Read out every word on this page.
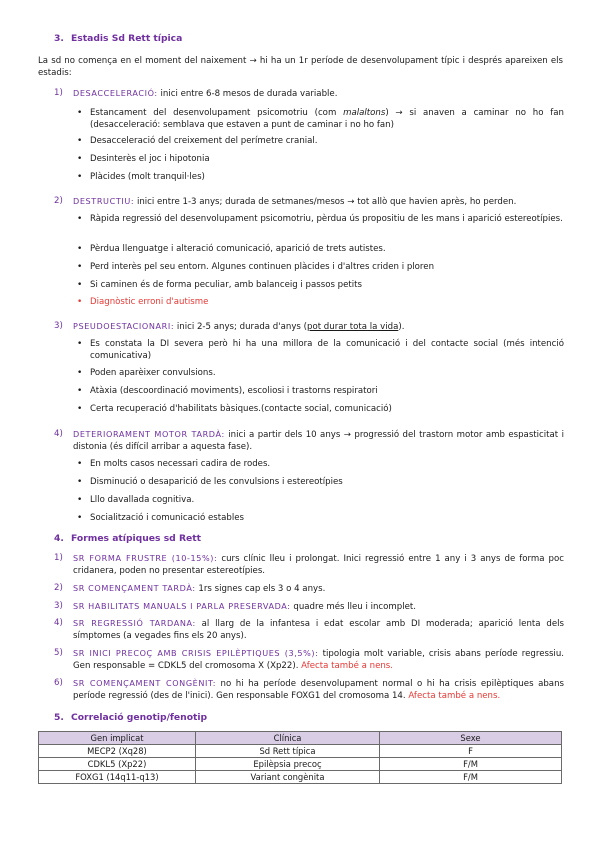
3. Estadis Sd Rett típica
La sd no comença en el moment del naixement → hi ha un 1r període de desenvolupament típic i després apareixen els estadis:
1) DESACCELERACIÓ: inici entre 6-8 mesos de durada variable.
• Estancament del desenvolupament psicomotriu (com malaltons) → si anaven a caminar no ho fan (desacceleració: semblava que estaven a punt de caminar i no ho fan)
• Desacceleració del creixement del perímetre cranial.
• Desinterès el joc i hipotonia
• Plàcides (molt tranquil·les)
2) DESTRUCTIU: inici entre 1-3 anys; durada de setmanes/mesos → tot allò que havien après, ho perden.
• Ràpida regressió del desenvolupament psicomotriu, pèrdua ús propositiu de les mans i aparició estereotípies.
• Pèrdua llenguatge i alteració comunicació, aparició de trets autistes.
• Perd interès pel seu entorn. Algunes continuen plàcides i d'altres criden i ploren
• Si caminen és de forma peculiar, amb balanceig i passos petits
• Diagnòstic erroni d'autisme
3) PSEUDOESTACIONARI: inici 2-5 anys; durada d'anys (pot durar tota la vida).
• Es constata la DI severa però hi ha una millora de la comunicació i del contacte social (més intenció comunicativa)
• Poden aparèixer convulsions.
• Atàxia (descoordinació moviments), escoliosi i trastorns respiratori
• Certa recuperació d'habilitats bàsiques.(contacte social, comunicació)
4) DETERIORAMENT MOTOR TARDÀ: inici a partir dels 10 anys → progressió del trastorn motor amb espasticitat i distonia (és difícil arribar a aquesta fase).
• En molts casos necessari cadira de rodes.
• Disminució o desaparició de les convulsions i estereotípies
• Lllo davallada cognitiva.
• Socialització i comunicació estables
4. Formes atípiques sd Rett
1) SR FORMA FRUSTRE (10-15%): curs clínic lleu i prolongat. Inici regressió entre 1 any i 3 anys de forma poc cridanera, poden no presentar estereotípies.
2) SR COMENÇAMENT TARDÀ: 1rs signes cap els 3 o 4 anys.
3) SR HABILITATS MANUALS I PARLA PRESERVADA: quadre més lleu i incomplet.
4) SR REGRESSIÓ TARDANA: al llarg de la infantesa i edat escolar amb DI moderada; aparició lenta dels símptomes (a vegades fins els 20 anys).
5) SR INICI PRECOÇ AMB CRISIS EPILÈPTIQUES (3,5%): tipologia molt variable, crisis abans període regressiu. Gen responsable = CDKL5 del cromosoma X (Xp22). Afecta també a nens.
6) SR COMENÇAMENT CONGÈNIT: no hi ha període desenvolupament normal o hi ha crisis epilèptiques abans període regressió (des de l'inici). Gen responsable FOXG1 del cromosoma 14. Afecta també a nens.
5. Correlació genotip/fenotip
Gen implicat	Clínica	Sexe
MECP2 (Xq28)	Sd Rett típica	F
CDKL5 (Xp22)	Epilèpsia precoç	F/M
FOXG1 (14q11-q13)	Variant congènita	F/M
